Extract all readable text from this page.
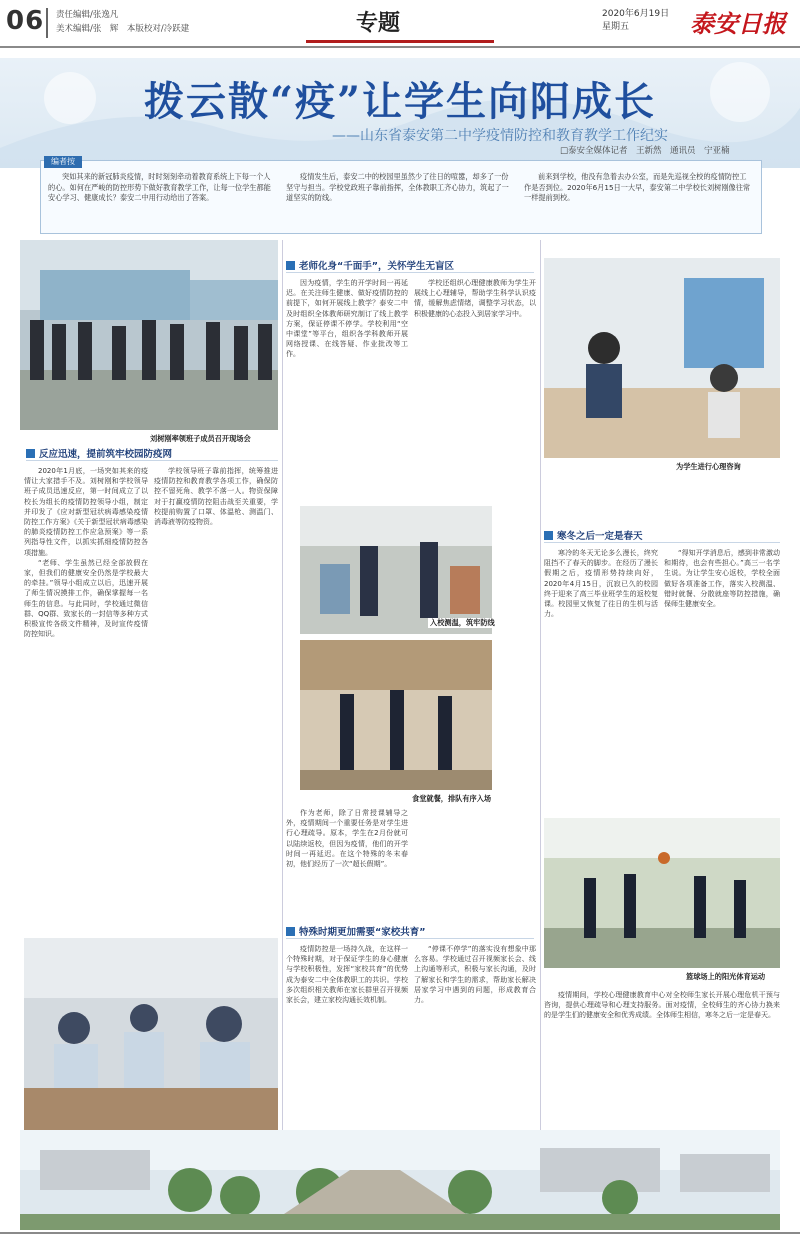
06 责任编辑/张逸凡
美术编辑/张　辉　本版校对/冷跃建	专题	2020年6月19日
星期五	泰安日报
拨云散“疫”让学生向阳成长
——山东省泰安第二中学疫情防控和教育教学工作纪实
□泰安全媒体记者　王新然　通讯员　宁亚楠
编者按
突如其来的新冠肺炎疫情，时时刻刻牵动着教育系统上下每一个人的心。如何在严峻的防控形势下做好教育教学工作，让每一位学生都能安心学习、健康成长？泰安二中用行动给出了答案。
疫情发生后，泰安二中的校园里虽然少了往日的喧嚣，却多了一份坚守与担当。学校党政班子靠前指挥，全体教职工齐心协力，筑起了一道坚实的防线。
前来到学校，他没有急着去办公室，而是先巡视全校的疫情防控工作是否到位。2020年6月15日一大早，泰安第二中学校长刘树刚像往常一样提前到校。
刘树刚率领班子成员召开现场会
反应迅速，提前筑牢校园防疫网

2020年1月底，一场突如其来的疫情让大家措手不及。刘树刚和学校领导班子成员迅速反应，第一时间成立了以校长为组长的疫情防控领导小组，制定并印发了《应对新型冠状病毒感染疫情防控工作方案》《关于新型冠状病毒感染的肺炎疫情防控工作应急预案》等一系列指导性文件，以抓实抓细疫情防控各项措施。

“老师、学生虽然已经全部放假在家，但我们的健康安全仍然是学校最大的牵挂。”领导小组成立以后，迅速开展了师生情况摸排工作，确保掌握每一名师生的信息。与此同时，学校通过微信群、QQ群、致家长的一封信等多种方式积极宣传各级文件精神，及时宣传疫情防控知识。

学校领导班子靠前指挥，统筹推进疫情防控和教育教学各项工作，确保防控不留死角、教学不落一人。物资保障对于打赢疫情防控阻击战至关重要，学校提前购置了口罩、体温枪、测温门、消毒液等防疫物资。

老师化身“千面手”，关怀学生无盲区

因为疫情，学生的开学时间一再延迟。在关注师生健康、做好疫情防控的前提下，如何开展线上教学？泰安二中及时组织全体教师研究制订了线上教学方案，保证停课不停学。学校利用“空中课堂”等平台，组织各学科教师开展网络授课、在线答疑、作业批改等工作。

学校还组织心理健康教师为学生开展线上心理辅导，帮助学生科学认识疫情，缓解焦虑情绪，调整学习状态，以积极健康的心态投入到居家学习中。

入校测温，筑牢防线
食堂就餐，排队有序入场

作为老师，除了日常授课辅导之外，疫情期间一个重要任务是对学生进行心理疏导。原本，学生在2月份就可以陆续返校，但因为疫情，他们的开学时间一再延迟。在这个特殊的冬末春初，他们经历了一次“超长假期”。

特殊时期更加需要“家校共育”

疫情防控是一场持久战，在这样一个特殊时期，对于保证学生的身心健康与学校积极性，发挥“家校共育”的优势成为泰安二中全体教职工的共识。学校多次组织相关教师在家长群里召开视频家长会，建立家校沟通长效机制。

“停课不停学”的落实没有想象中那么容易。学校通过召开视频家长会、线上沟通等形式，积极与家长沟通，及时了解家长和学生的需求，帮助家长解决居家学习中遇到的问题，形成教育合力。

为学生进行心理咨询
寒冬之后一定是春天

寒冷的冬天无论多么漫长，终究阻挡不了春天的脚步。在经历了漫长假期之后，疫情形势持续向好，2020年4月15日，沉寂已久的校园终于迎来了高三毕业班学生的返校复课。校园里又恢复了往日的生机与活力。

“得知开学消息后，感到非常激动和期待，也会有些担心。”高三一名学生说。为让学生安心返校，学校全面做好各项准备工作，落实入校测温、错时就餐、分散就座等防控措施，确保师生健康安全。

篮球场上的阳光体育运动

疫情期间，学校心理健康教育中心对全校师生家长开展心理危机干预与咨询，提供心理疏导和心理支持服务。面对疫情，全校师生的齐心协力换来的是学生们的健康安全和优秀成绩。全体师生相信，寒冬之后一定是春天。
